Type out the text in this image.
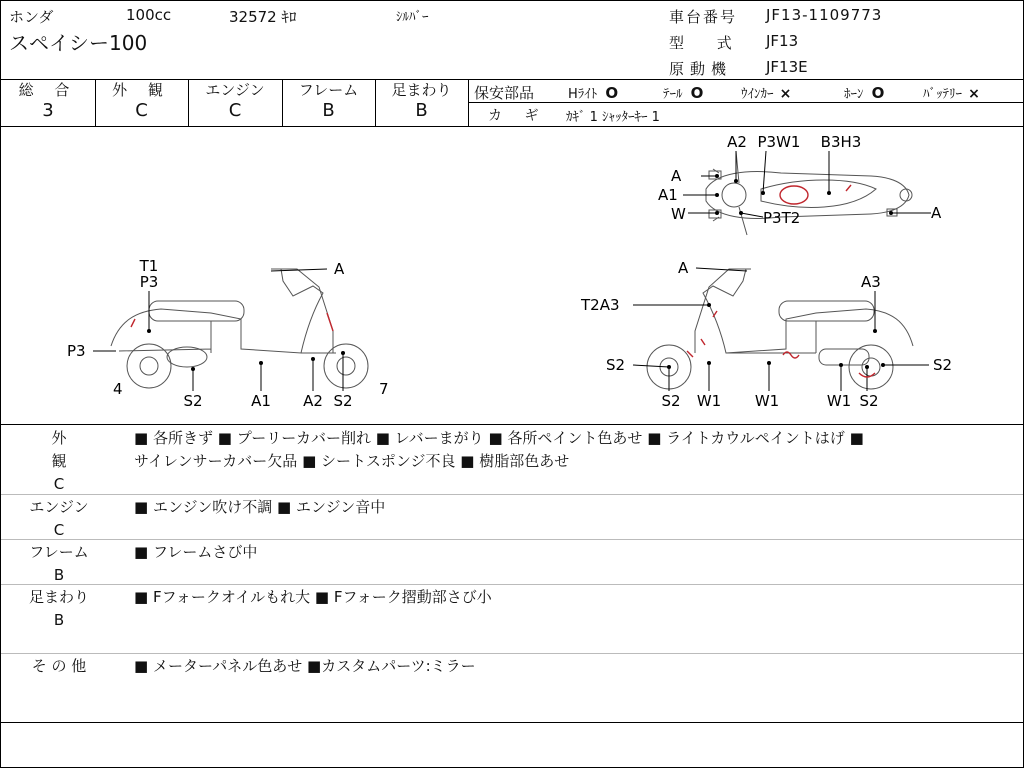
ホンダ	100cc	32572 ｷﾛ	ｼﾙﾊﾞｰ
スペイシー100
車台番号 JF13-1109773
型 式 JF13
原動機 JF13E
総 合
3
外 観
C
エンジン
C
フレーム
B
足まわり
B
保安部品	Hﾗｲﾄ O	ﾃｰﾙ O	ｳｲﾝｶｰ ×	ﾎｰﾝ O	ﾊﾞｯﾃﾘｰ ×
カ ギ ｶｷﾞ 1 ｼｬｯﾀｰｷｰ 1
A2 P3W1 B3H3
A
A1
W	P3T2	A
T1
P3
A
P3
4
S2	A1 A2 S2
7
A
A3
T2A3
S2	S2
S2 W1 W1	W1 S2
外 観
C
■ 各所きず ■ プーリーカバー削れ ■ レバーまがり ■ 各所ペイント色あせ ■ ライトカウルペイントはげ ■
サイレンサーカバー欠品 ■ シートスポンジ不良 ■ 樹脂部色あせ
エンジン
C
■ エンジン吹け不調 ■ エンジン音中
フレーム
B
■ フレームさび中
足まわり
B
■ Fフォークオイルもれ大 ■ Fフォーク摺動部さび小
そ の 他	■ メーターパネル色あせ ■カスタムパーツ:ミラー
